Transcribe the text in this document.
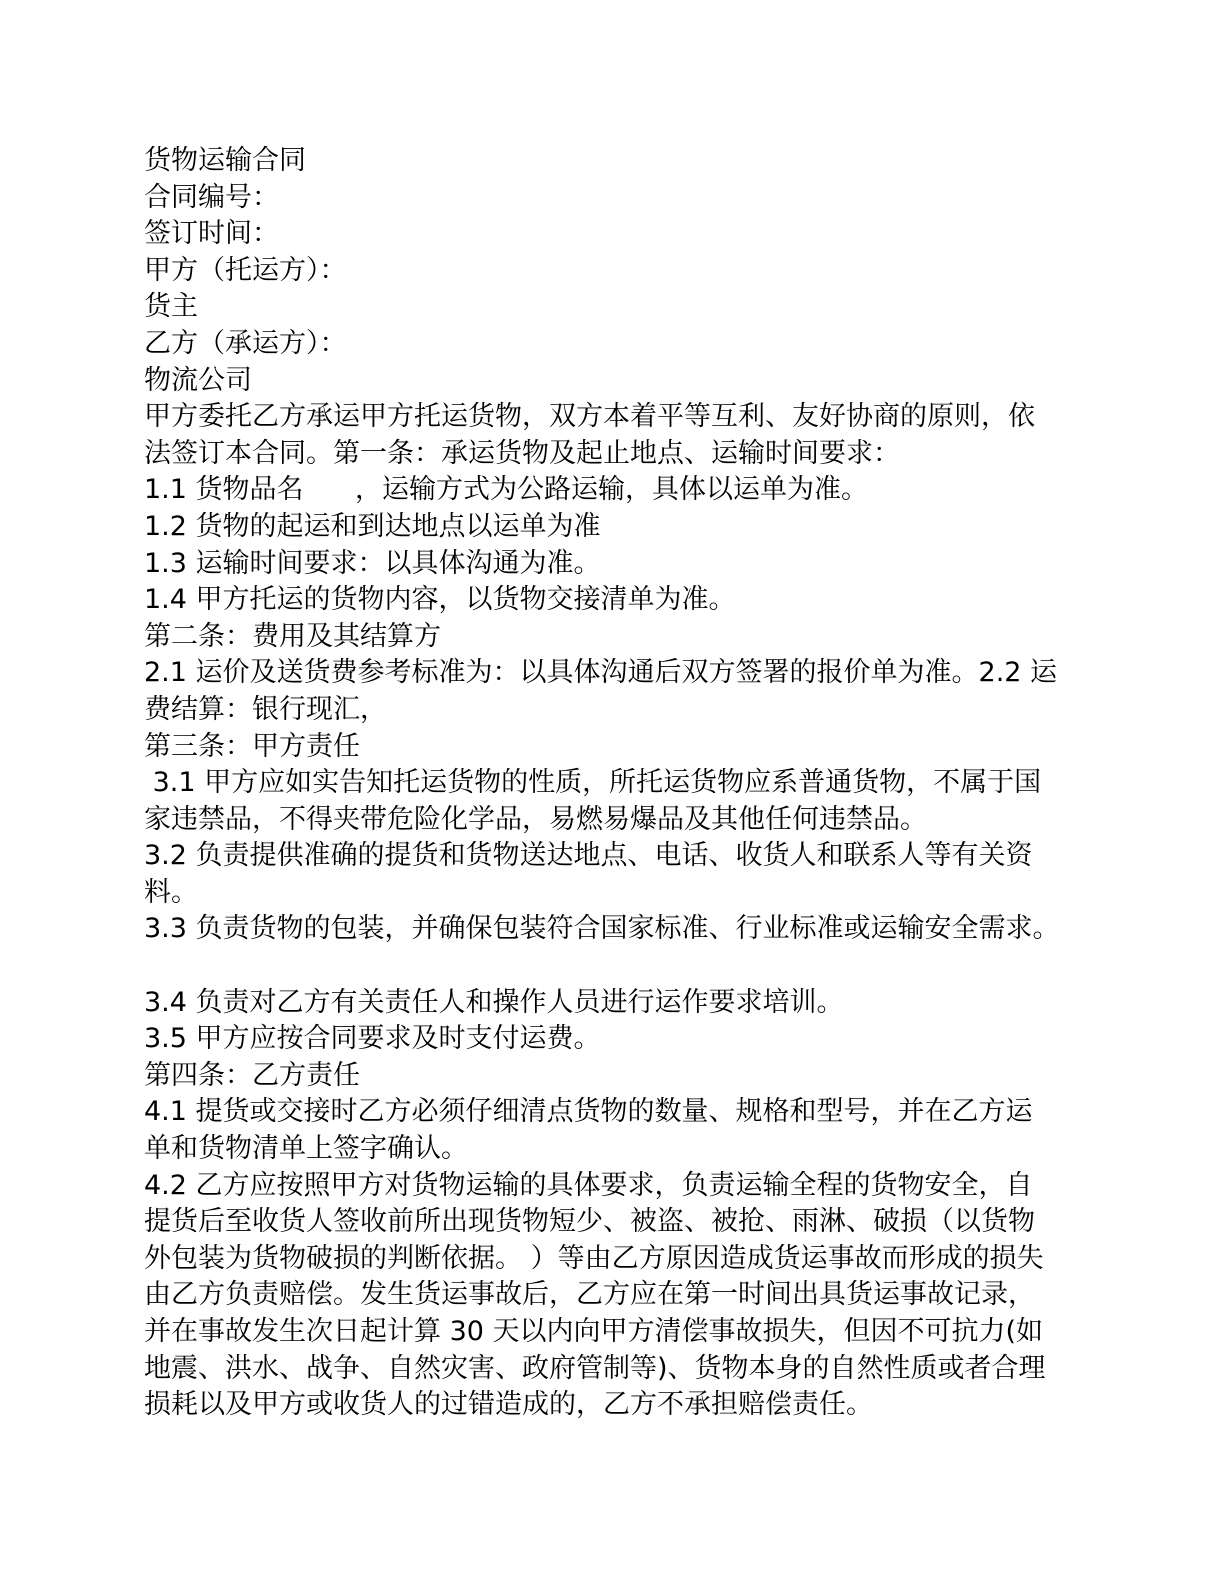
货物运输合同
合同编号：
签订时间：
甲方（托运方）：
货主
乙方（承运方）：
物流公司
甲方委托乙方承运甲方托运货物，双方本着平等互利、友好协商的原则，依
法签订本合同。第一条：承运货物及起止地点、运输时间要求：
1.1 货物品名      ，运输方式为公路运输，具体以运单为准。
1.2 货物的起运和到达地点以运单为准
1.3 运输时间要求：以具体沟通为准。
1.4 甲方托运的货物内容，以货物交接清单为准。
第二条：费用及其结算方
2.1 运价及送货费参考标准为：以具体沟通后双方签署的报价单为准。2.2 运
费结算：银行现汇，
第三条：甲方责任
3.1 甲方应如实告知托运货物的性质，所托运货物应系普通货物，不属于国
家违禁品，不得夹带危险化学品，易燃易爆品及其他任何违禁品。
3.2 负责提供准确的提货和货物送达地点、电话、收货人和联系人等有关资
料。
3.3 负责货物的包装，并确保包装符合国家标准、行业标准或运输安全需求。
3.4 负责对乙方有关责任人和操作人员进行运作要求培训。
3.5 甲方应按合同要求及时支付运费。
第四条：乙方责任
4.1 提货或交接时乙方必须仔细清点货物的数量、规格和型号，并在乙方运
单和货物清单上签字确认。
4.2 乙方应按照甲方对货物运输的具体要求，负责运输全程的货物安全，自
提货后至收货人签收前所出现货物短少、被盗、被抢、雨淋、破损（以货物
外包装为货物破损的判断依据。 ）等由乙方原因造成货运事故而形成的损失
由乙方负责赔偿。发生货运事故后，乙方应在第一时间出具货运事故记录，
并在事故发生次日起计算 30 天以内向甲方清偿事故损失，但因不可抗力(如
地震、洪水、战争、自然灾害、政府管制等)、货物本身的自然性质或者合理
损耗以及甲方或收货人的过错造成的，乙方不承担赔偿责任。
